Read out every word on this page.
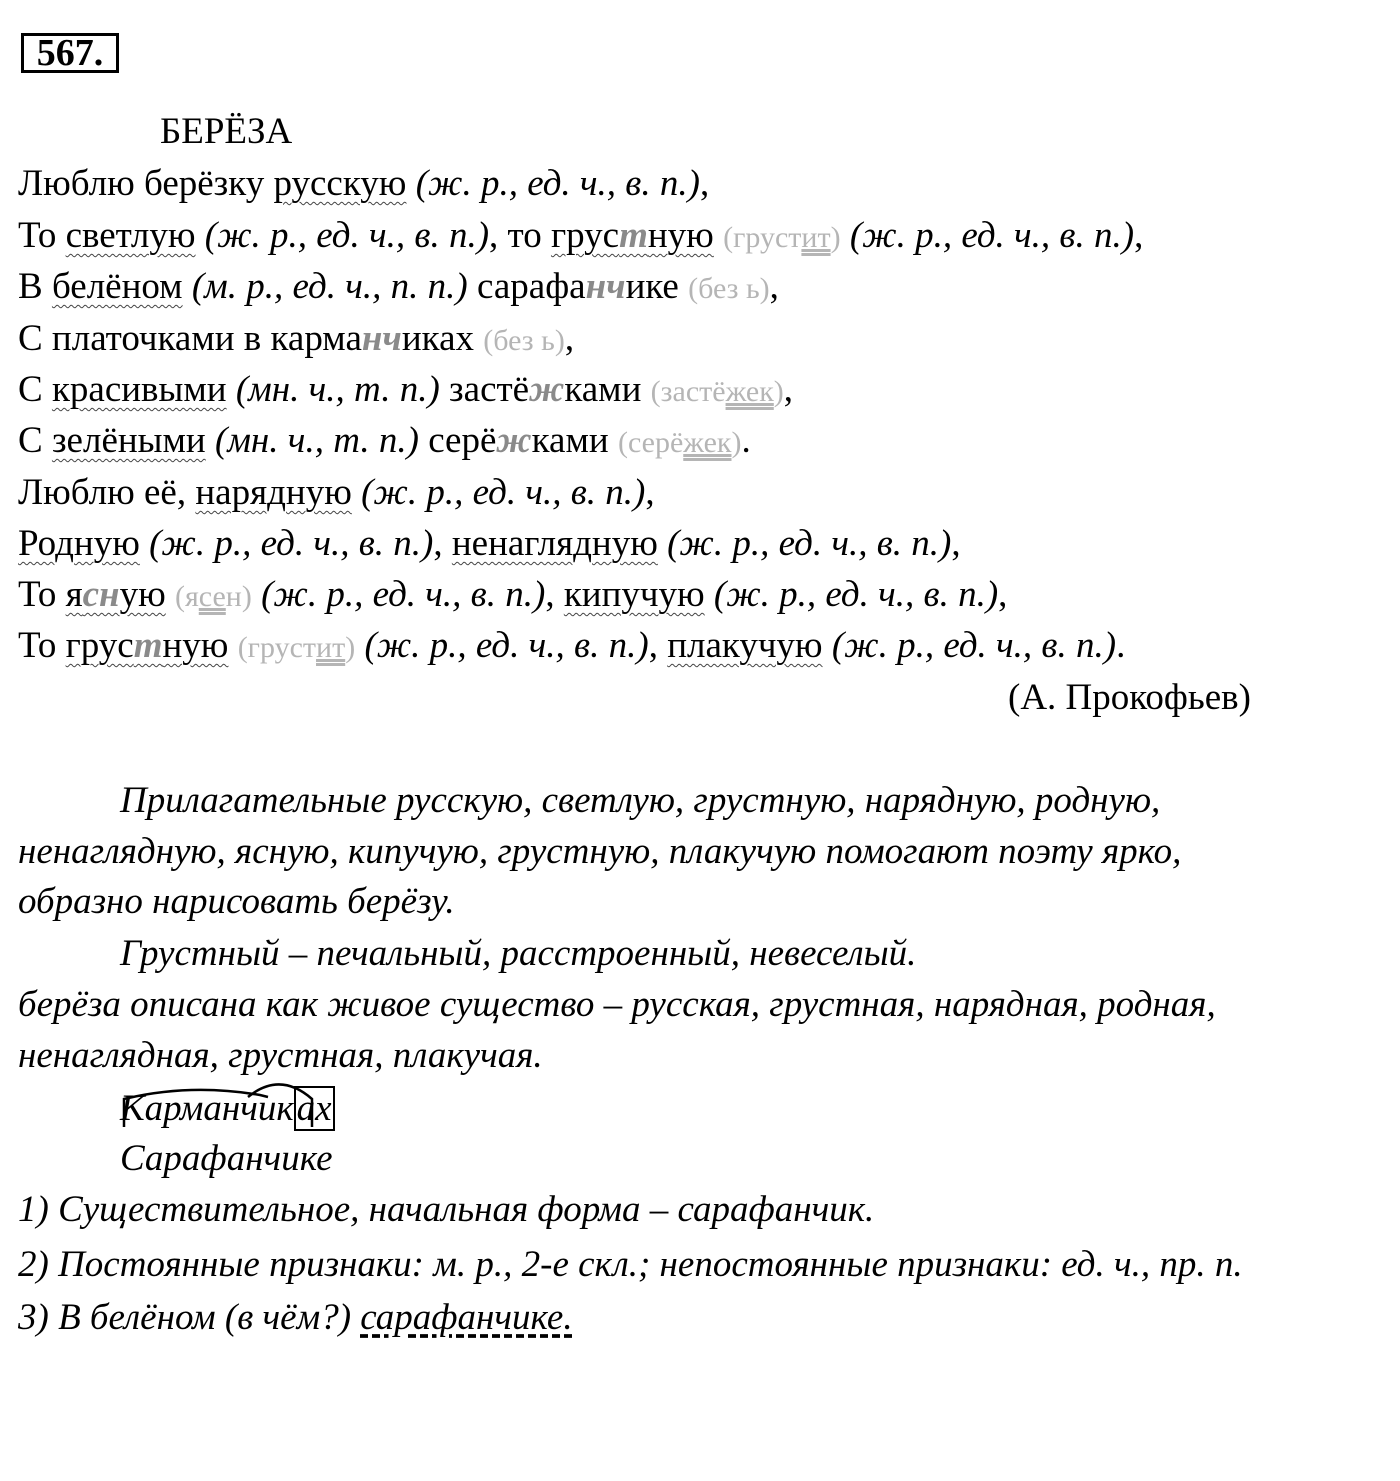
567.
БЕРЁЗА
Люблю берёзку русскую (ж. р., ед. ч., в. п.),
То светлую (ж. р., ед. ч., в. п.), то грустную (грустит) (ж. р., ед. ч., в. п.),
В белёном (м. р., ед. ч., п. п.) сарафанчике (без ь),
С платочками в карманчиках (без ь),
С красивыми (мн. ч., т. п.) застёжками (застёжек),
С зелёными (мн. ч., т. п.) серёжками (серёжек).
Люблю её, нарядную (ж. р., ед. ч., в. п.),
Родную (ж. р., ед. ч., в. п.), ненаглядную (ж. р., ед. ч., в. п.),
То ясную (ясен) (ж. р., ед. ч., в. п.), кипучую (ж. р., ед. ч., в. п.),
То грустную (грустит) (ж. р., ед. ч., в. п.), плакучую (ж. р., ед. ч., в. п.).
(А. Прокофьев)
Прилагательные русскую, светлую, грустную, нарядную, родную,
ненаглядную, ясную, кипучую, грустную, плакучую помогают поэту ярко,
образно нарисовать берёзу.
Грустный – печальный, расстроенный, невеселый.
берёза описана как живое существо – русская, грустная, нарядная, родная,
ненаглядная, грустная, плакучая.
Карманчиках
Сарафанчике
1) Существительное, начальная форма – сарафанчик.
2) Постоянные признаки: м. р., 2-е скл.; непостоянные признаки: ед. ч., пр. п.
3) В белёном (в чём?) сарафанчике.
